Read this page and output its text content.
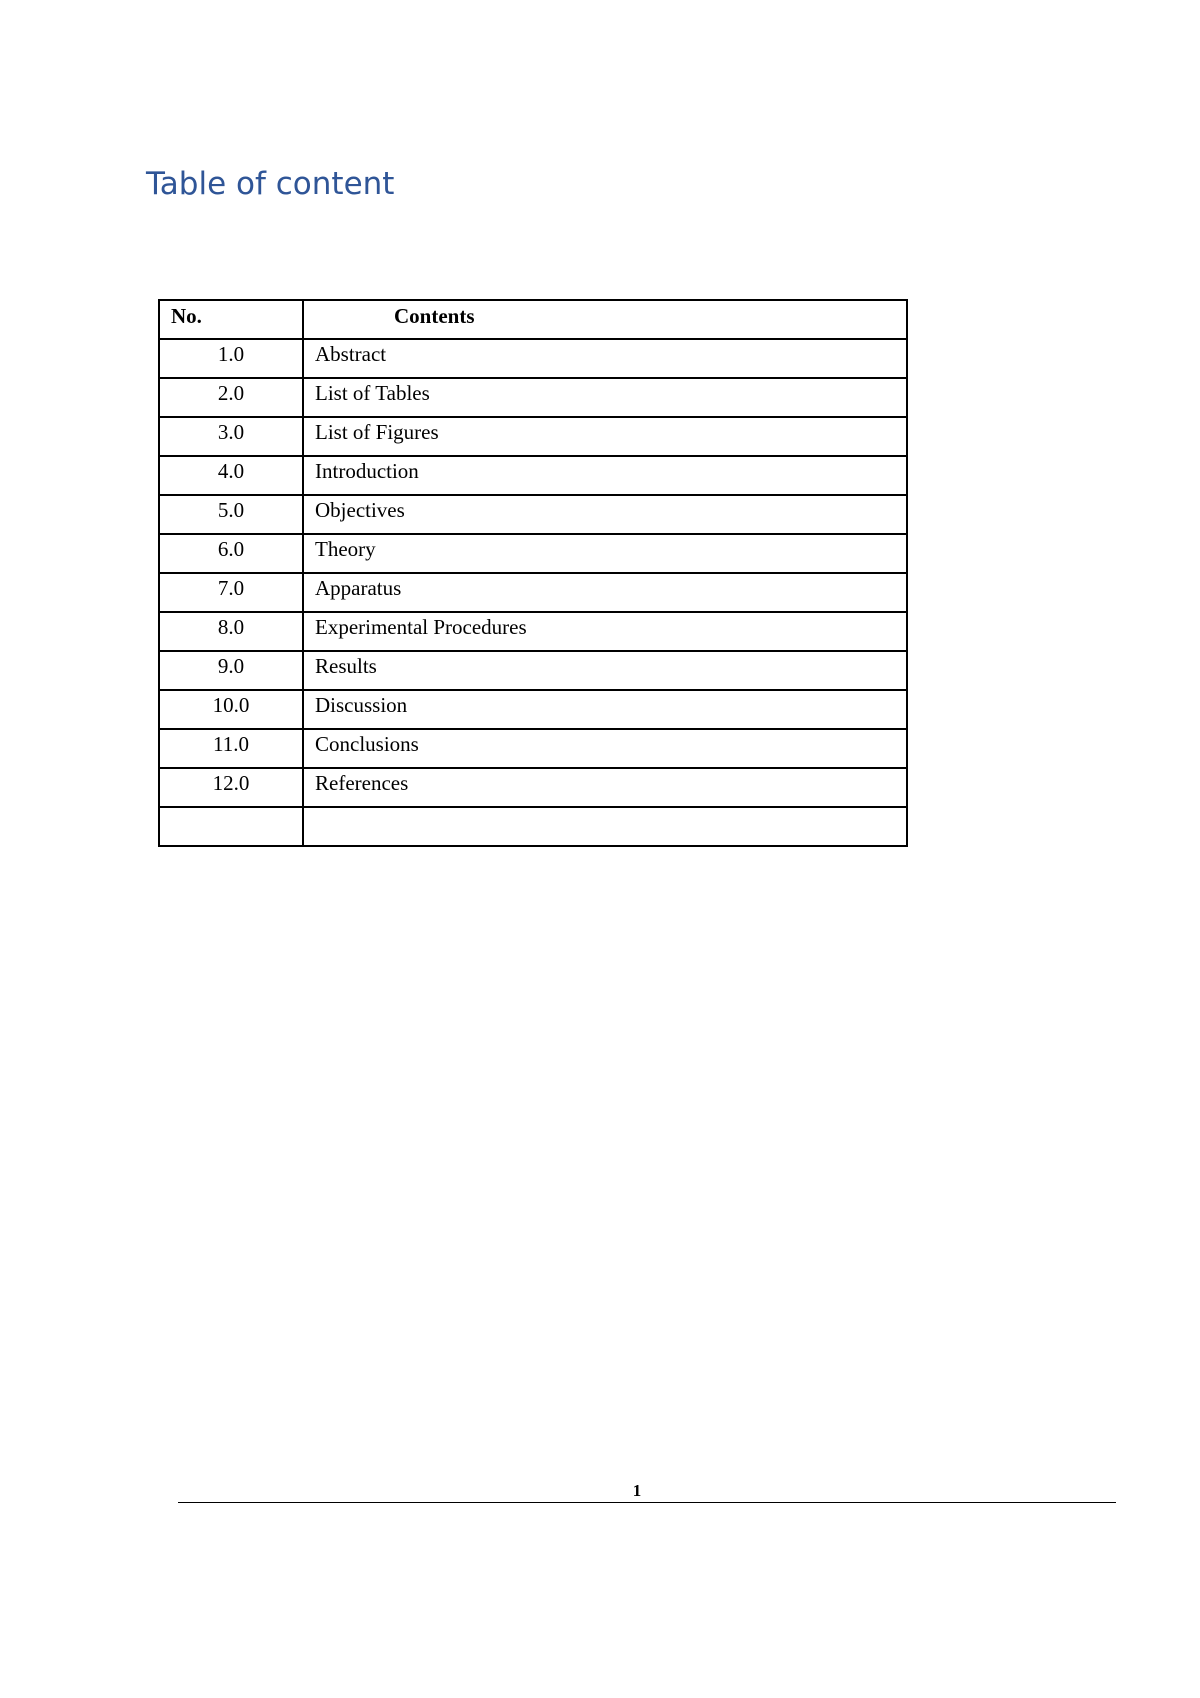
Table of content
No.	Contents
1.0	Abstract
2.0	List of Tables
3.0	List of Figures
4.0	Introduction
5.0	Objectives
6.0	Theory
7.0	Apparatus
8.0	Experimental Procedures
9.0	Results
10.0	Discussion
11.0	Conclusions
12.0	References

1
